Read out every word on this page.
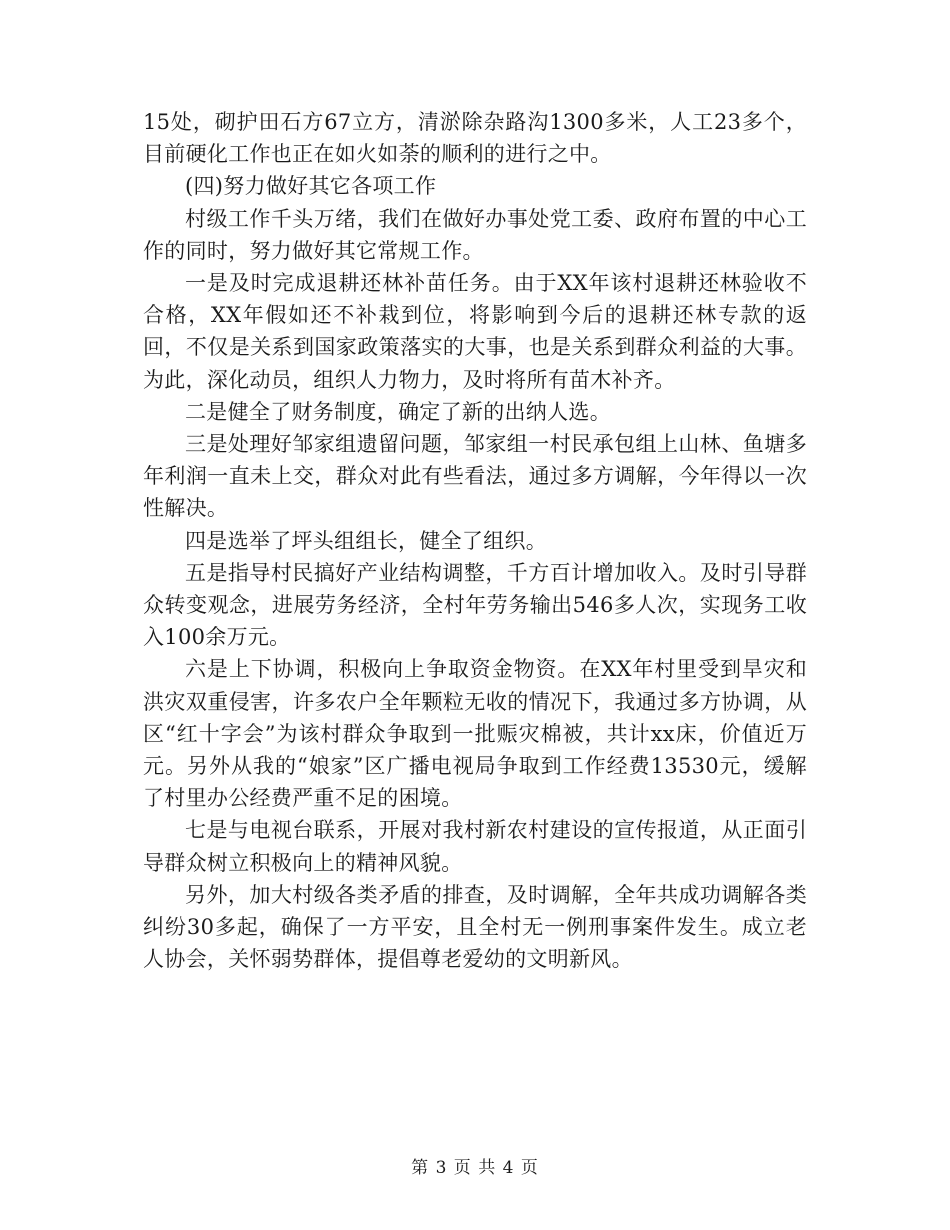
15处，砌护田石方67立方，清淤除杂路沟1300多米，人工23多个，目前硬化工作也正在如火如荼的顺利的进行之中。

(四)努力做好其它各项工作

村级工作千头万绪，我们在做好办事处党工委、政府布置的中心工作的同时，努力做好其它常规工作。

一是及时完成退耕还林补苗任务。由于XX年该村退耕还林验收不合格，XX年假如还不补栽到位，将影响到今后的退耕还林专款的返回，不仅是关系到国家政策落实的大事，也是关系到群众利益的大事。为此，深化动员，组织人力物力，及时将所有苗木补齐。

二是健全了财务制度，确定了新的出纳人选。

三是处理好邹家组遗留问题，邹家组一村民承包组上山林、鱼塘多年利润一直未上交，群众对此有些看法，通过多方调解，今年得以一次性解决。

四是选举了坪头组组长，健全了组织。

五是指导村民搞好产业结构调整，千方百计增加收入。及时引导群众转变观念，进展劳务经济，全村年劳务输出546多人次，实现务工收入100余万元。

六是上下协调，积极向上争取资金物资。在XX年村里受到旱灾和洪灾双重侵害，许多农户全年颗粒无收的情况下，我通过多方协调，从区“红十字会”为该村群众争取到一批赈灾棉被，共计xx床，价值近万元。另外从我的“娘家”区广播电视局争取到工作经费13530元，缓解了村里办公经费严重不足的困境。

七是与电视台联系，开展对我村新农村建设的宣传报道，从正面引导群众树立积极向上的精神风貌。

另外，加大村级各类矛盾的排查，及时调解，全年共成功调解各类纠纷30多起，确保了一方平安，且全村无一例刑事案件发生。成立老人协会，关怀弱势群体，提倡尊老爱幼的文明新风。

第 3 页 共 4 页
